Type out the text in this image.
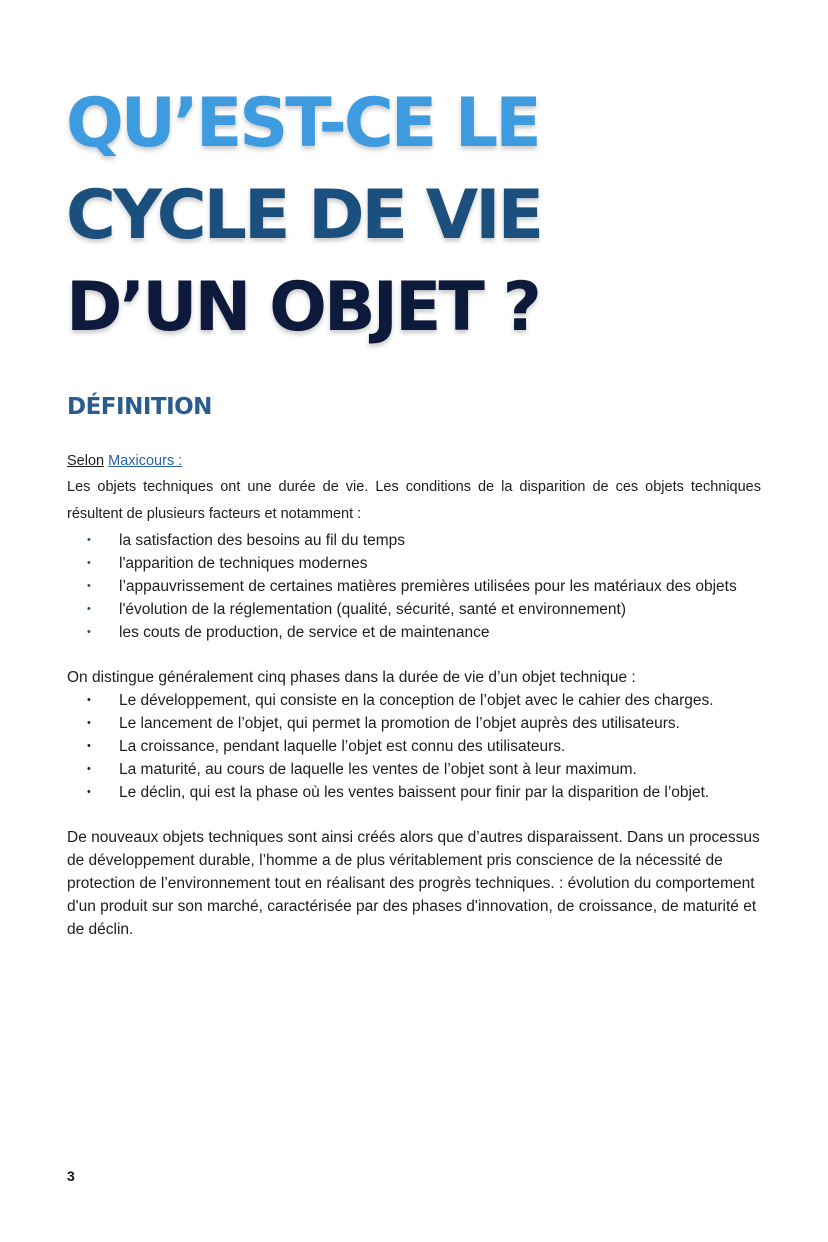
QU’EST-CE LE
CYCLE DE VIE
D’UN OBJET ?
DÉFINITION

Selon Maxicours :

Les objets techniques ont une durée de vie. Les conditions de la disparition de ces objets techniques résultent de plusieurs facteurs et notamment :

• la satisfaction des besoins au fil du temps
• l'apparition de techniques modernes
• l’appauvrissement de certaines matières premières utilisées pour les matériaux des objets
• l'évolution de la réglementation (qualité, sécurité, santé et environnement)
• les couts de production, de service et de maintenance

On distingue généralement cinq phases dans la durée de vie d’un objet technique :

• Le développement, qui consiste en la conception de l’objet avec le cahier des charges.
• Le lancement de l’objet, qui permet la promotion de l’objet auprès des utilisateurs.
• La croissance, pendant laquelle l’objet est connu des utilisateurs.
• La maturité, au cours de laquelle les ventes de l’objet sont à leur maximum.
• Le déclin, qui est la phase où les ventes baissent pour finir par la disparition de l’objet.

De nouveaux objets techniques sont ainsi créés alors que d’autres disparaissent. Dans un processus de développement durable, l’homme a de plus véritablement pris conscience de la nécessité de protection de l’environnement tout en réalisant des progrès techniques. : évolution du comportement d'un produit sur son marché, caractérisée par des phases d'innovation, de croissance, de maturité et de déclin.

3
